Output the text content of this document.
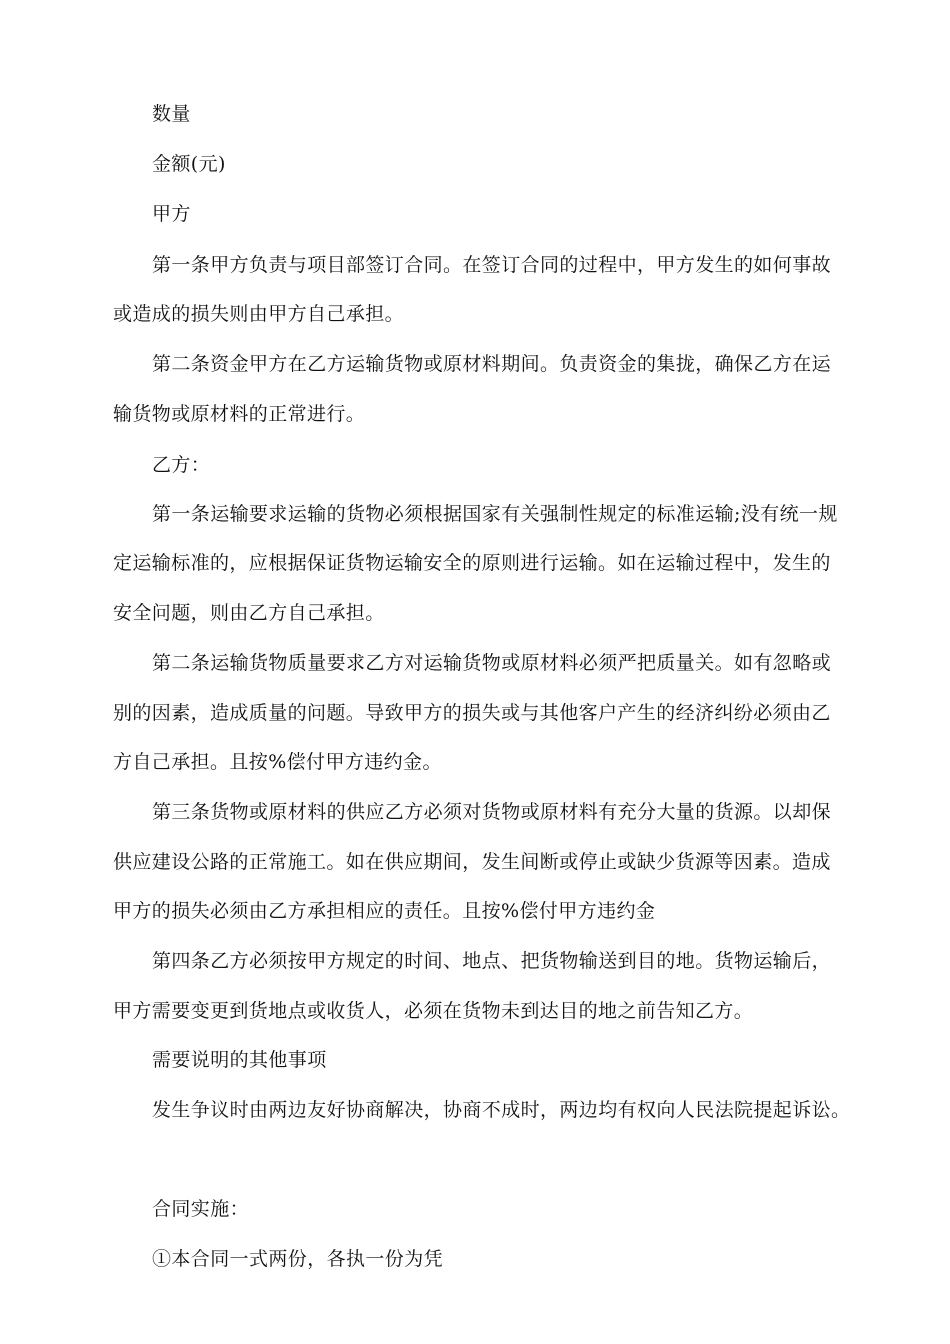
数量
金额(元)
甲方
第一条甲方负责与项目部签订合同。在签订合同的过程中，甲方发生的如何事故
或造成的损失则由甲方自己承担。
第二条资金甲方在乙方运输货物或原材料期间。负责资金的集拢，确保乙方在运
输货物或原材料的正常进行。
乙方：
第一条运输要求运输的货物必须根据国家有关强制性规定的标准运输;没有统一规
定运输标准的，应根据保证货物运输安全的原则进行运输。如在运输过程中，发生的
安全问题，则由乙方自己承担。
第二条运输货物质量要求乙方对运输货物或原材料必须严把质量关。如有忽略或
别的因素，造成质量的问题。导致甲方的损失或与其他客户产生的经济纠纷必须由乙
方自己承担。且按%偿付甲方违约金。
第三条货物或原材料的供应乙方必须对货物或原材料有充分大量的货源。以却保
供应建设公路的正常施工。如在供应期间，发生间断或停止或缺少货源等因素。造成
甲方的损失必须由乙方承担相应的责任。且按%偿付甲方违约金
第四条乙方必须按甲方规定的时间、地点、把货物输送到目的地。货物运输后，
甲方需要变更到货地点或收货人，必须在货物未到达目的地之前告知乙方。
需要说明的其他事项
发生争议时由两边友好协商解决，协商不成时，两边均有权向人民法院提起诉讼。
合同实施：
①本合同一式两份，各执一份为凭
